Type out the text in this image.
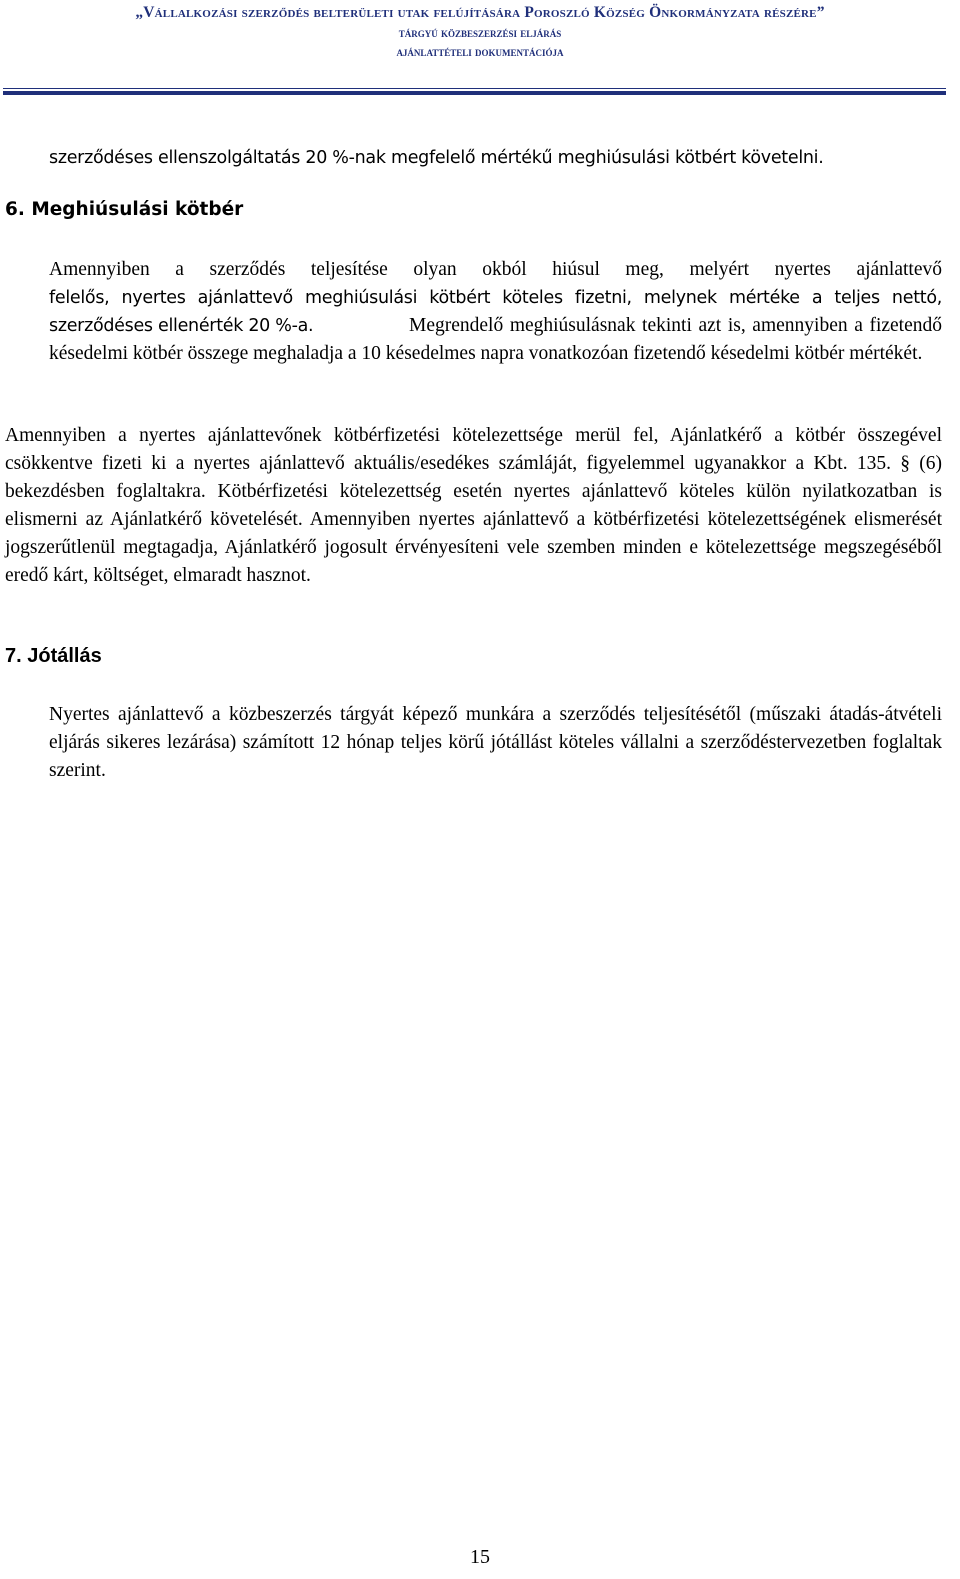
„Vállalkozási szerződés belterületi utak felújítására Poroszló Község Önkormányzata részére”
tárgyú közbeszerzési eljárás
ajánlattételi dokumentációja

szerződéses ellenszolgáltatás 20 %-nak megfelelő mértékű meghiúsulási kötbért követelni.

6. Meghiúsulási kötbér

Amennyiben a szerződés teljesítése olyan okból hiúsul meg, melyért nyertes ajánlattevő

felelős, nyertes ajánlattevő meghiúsulási kötbért köteles fizetni, melynek mértéke a teljes nettó, szerződéses ellenérték 20 %-a.	Megrendelő meghiúsulásnak tekinti azt is, amennyiben a fizetendő késedelmi kötbér összege meghaladja a 10 késedelmes napra vonatkozóan fizetendő késedelmi kötbér mértékét.

Amennyiben a nyertes ajánlattevőnek kötbérfizetési kötelezettsége merül fel, Ajánlatkérő a kötbér összegével csökkentve fizeti ki a nyertes ajánlattevő aktuális/esedékes számláját, figyelemmel ugyanakkor a Kbt. 135. § (6) bekezdésben foglaltakra. Kötbérfizetési kötelezettség esetén nyertes ajánlattevő köteles külön nyilatkozatban is elismerni az Ajánlatkérő követelését. Amennyiben nyertes ajánlattevő a kötbérfizetési kötelezettségének elismerését jogszerűtlenül megtagadja, Ajánlatkérő jogosult érvényesíteni vele szemben minden e kötelezettsége megszegéséből eredő kárt, költséget, elmaradt hasznot.

7. Jótállás

Nyertes ajánlattevő a közbeszerzés tárgyát képező munkára a szerződés teljesítésétől (műszaki átadás-átvételi eljárás sikeres lezárása) számított 12 hónap teljes körű jótállást köteles vállalni a szerződéstervezetben foglaltak szerint.

15
